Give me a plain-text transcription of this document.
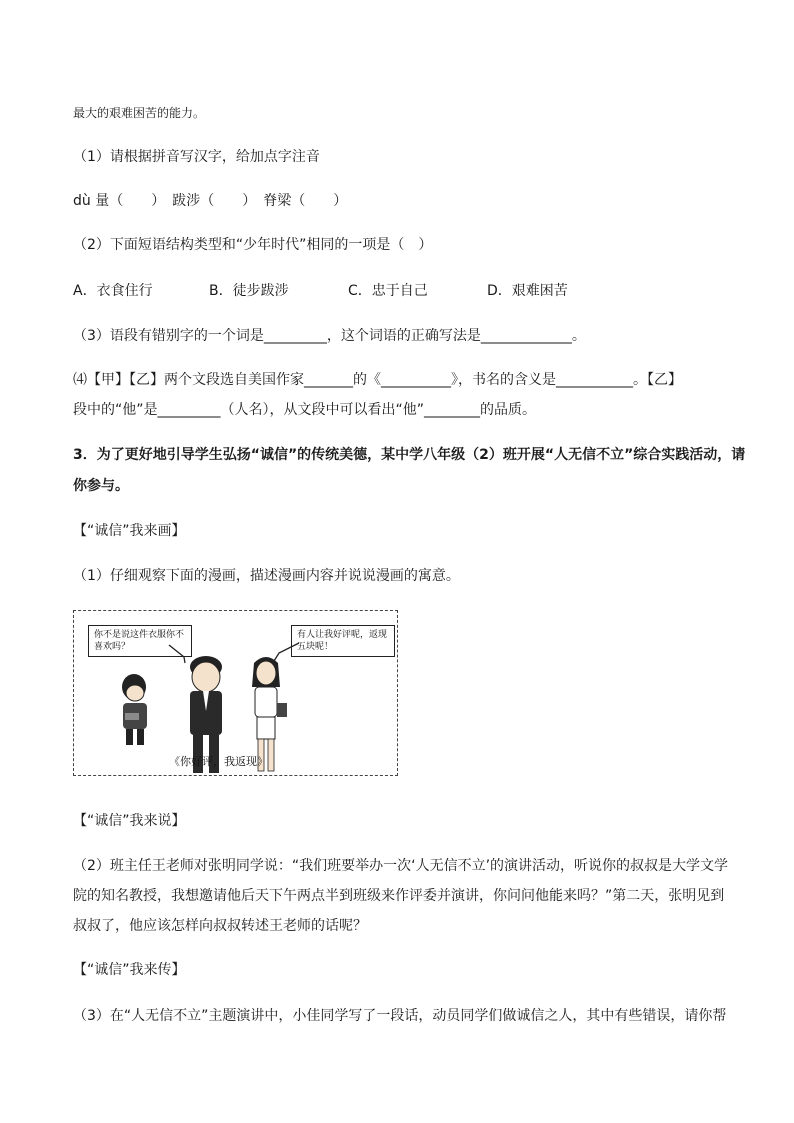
最大的艰难困苦的能力。
（1）请根据拼音写汉字，给加点字注音
dù 量（　　）　跋涉（　　）　脊梁（　　）
（2）下面短语结构类型和“少年时代”相同的一项是（　）
A．衣食住行	B．徒步跋涉	C．忠于自己	D．艰难困苦
（3）语段有错别字的一个词是_________，这个词语的正确写法是_____________。
⑷【甲】【乙】两个文段选自美国作家_______的《__________》，书名的含义是___________。【乙】
段中的“他”是_________（人名），从文段中可以看出“他”________的品质。
3．为了更好地引导学生弘扬“诚信”的传统美德，某中学八年级（2）班开展“人无信不立”综合实践活动，请
你参与。
【“诚信”我来画】
（1）仔细观察下面的漫画，描述漫画内容并说说漫画的寓意。
你不是说这件衣服你不喜欢吗？
有人让我好评呢，返现五块呢！
《你好评，我返现》
【“诚信”我来说】
（2）班主任王老师对张明同学说：“我们班要举办一次‘人无信不立’的演讲活动，听说你的叔叔是大学文学
院的知名教授，我想邀请他后天下午两点半到班级来作评委并演讲，你问问他能来吗？”第二天，张明见到
叔叔了，他应该怎样向叔叔转述王老师的话呢？
【“诚信”我来传】
（3）在“人无信不立”主题演讲中，小佳同学写了一段话，动员同学们做诚信之人，其中有些错误，请你帮
